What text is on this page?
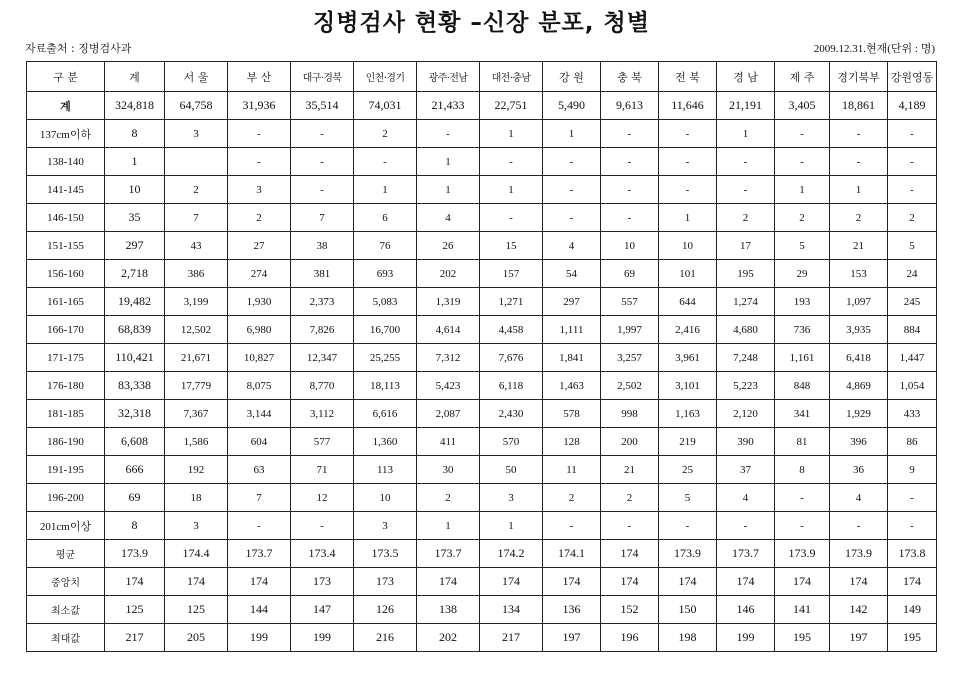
징병검사 현황 –신장 분포, 청별
자료출처 : 징병검사과	2009.12.31.현재(단위 : 명)
구 분	계	서 울	부 산	대구·경북	인천·경기	광주·전남	대전·충남	강 원	충 북	전 북	경 남	제 주	경기북부	강원영동
계	324,818	64,758	31,936	35,514	74,031	21,433	22,751	5,490	9,613	11,646	21,191	3,405	18,861	4,189
137cm이하	8	3	-	-	2	-	1	1	-	-	1	-	-	-
138-140	1		-	-	-	1	-	-	-	-	-	-	-	-
141-145	10	2	3	-	1	1	1	-	-	-	-	1	1	-
146-150	35	7	2	7	6	4	-	-	-	1	2	2	2	2
151-155	297	43	27	38	76	26	15	4	10	10	17	5	21	5
156-160	2,718	386	274	381	693	202	157	54	69	101	195	29	153	24
161-165	19,482	3,199	1,930	2,373	5,083	1,319	1,271	297	557	644	1,274	193	1,097	245
166-170	68,839	12,502	6,980	7,826	16,700	4,614	4,458	1,111	1,997	2,416	4,680	736	3,935	884
171-175	110,421	21,671	10,827	12,347	25,255	7,312	7,676	1,841	3,257	3,961	7,248	1,161	6,418	1,447
176-180	83,338	17,779	8,075	8,770	18,113	5,423	6,118	1,463	2,502	3,101	5,223	848	4,869	1,054
181-185	32,318	7,367	3,144	3,112	6,616	2,087	2,430	578	998	1,163	2,120	341	1,929	433
186-190	6,608	1,586	604	577	1,360	411	570	128	200	219	390	81	396	86
191-195	666	192	63	71	113	30	50	11	21	25	37	8	36	9
196-200	69	18	7	12	10	2	3	2	2	5	4	-	4	-
201cm이상	8	3	-	-	3	1	1	-	-	-	-	-	-	-
평균	173.9	174.4	173.7	173.4	173.5	173.7	174.2	174.1	174	173.9	173.7	173.9	173.9	173.8
중앙치	174	174	174	173	173	174	174	174	174	174	174	174	174	174
최소값	125	125	144	147	126	138	134	136	152	150	146	141	142	149
최대값	217	205	199	199	216	202	217	197	196	198	199	195	197	195
